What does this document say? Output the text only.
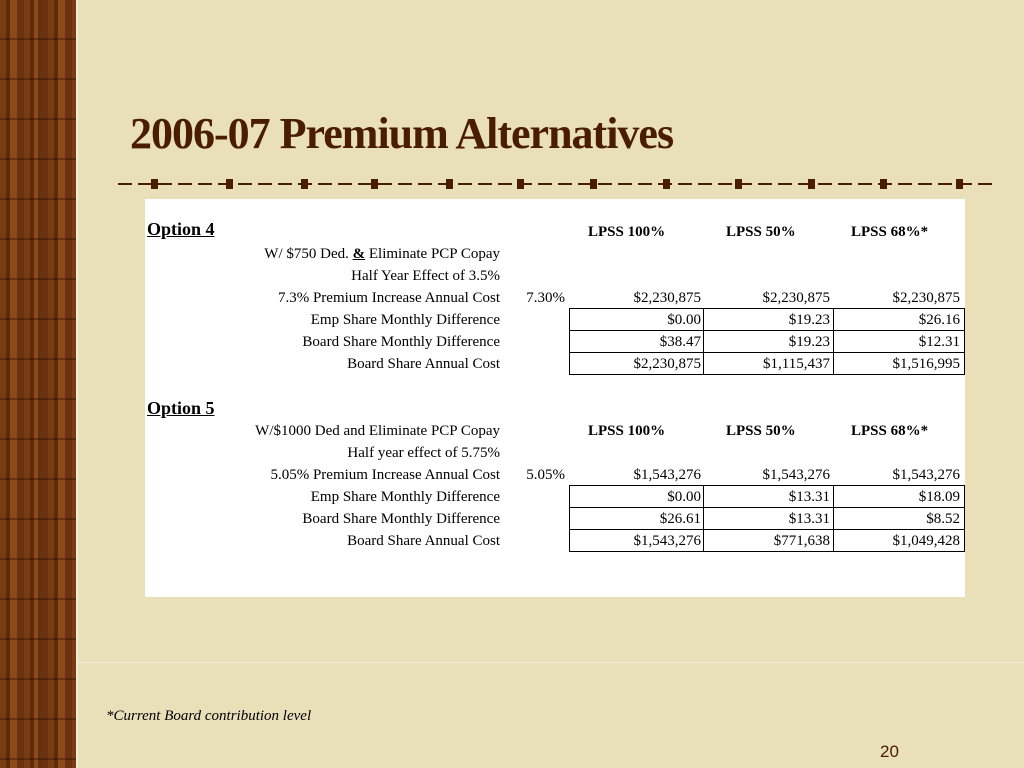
2006-07 Premium Alternatives
Option 4	LPSS 100%	LPSS 50%	LPSS 68%*
W/ $750 Ded. & Eliminate PCP Copay
Half Year Effect of 3.5%
7.3% Premium Increase Annual Cost 7.30%	$2,230,875	$2,230,875	$2,230,875
Emp Share Monthly Difference	$0.00	$19.23	$26.16
Board Share Monthly Difference	$38.47	$19.23	$12.31
Board Share Annual Cost	$2,230,875	$1,115,437	$1,516,995
Option 5
W/$1000 Ded and Eliminate PCP Copay	LPSS 100%	LPSS 50%	LPSS 68%*
Half year effect of 5.75%
5.05% Premium Increase Annual Cost 5.05%	$1,543,276	$1,543,276	$1,543,276
Emp Share Monthly Difference	$0.00	$13.31	$18.09
Board Share Monthly Difference	$26.61	$13.31	$8.52
Board Share Annual Cost	$1,543,276	$771,638	$1,049,428
*Current Board contribution level
20
